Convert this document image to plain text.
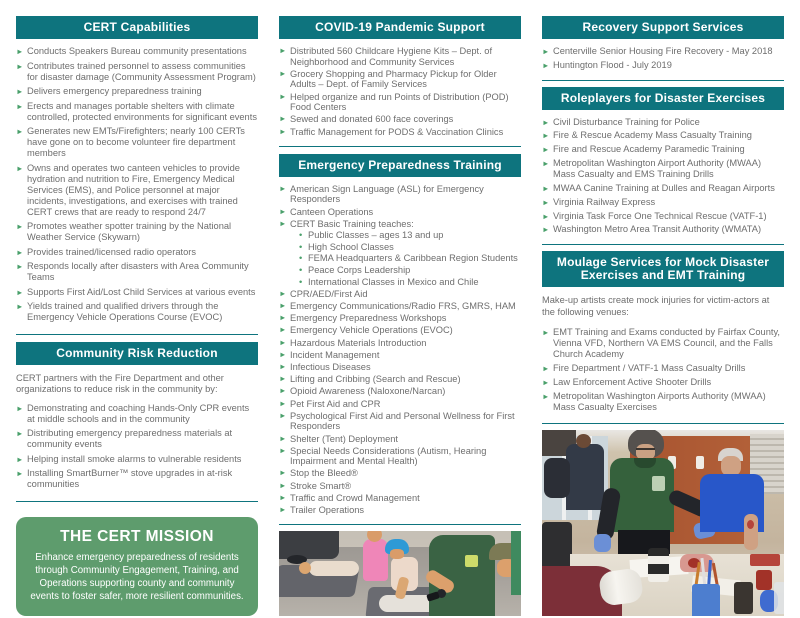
CERT Capabilities
► Conducts Speakers Bureau community presentations
► Contributes trained personnel to assess communities for disaster damage (Community Assessment Program)
► Delivers emergency preparedness training
► Erects and manages portable shelters with climate controlled, protected environments for significant events
► Generates new EMTs/Firefighters; nearly 100 CERTs have gone on to become volunteer fire department members
► Owns and operates two canteen vehicles to provide hydration and nutrition to Fire, Emergency Medical Services (EMS), and Police personnel at major incidents, investigations, and exercises with trained CERT crews that are ready to respond 24/7
► Promotes weather spotter training by the National Weather Service (Skywarn)
► Provides trained/licensed radio operators
► Responds locally after disasters with Area Community Teams
► Supports First Aid/Lost Child Services at various events
► Yields trained and qualified drivers through the Emergency Vehicle Operations Course (EVOC)
Community Risk Reduction
CERT partners with the Fire Department and other organizations to reduce risk in the community by:
► Demonstrating and coaching Hands-Only CPR events at middle schools and in the community
► Distributing emergency preparedness materials at community events
► Helping install smoke alarms to vulnerable residents
► Installing SmartBurner™ stove upgrades in at-risk communities
THE CERT MISSION
Enhance emergency preparedness of residents through Community Engagement, Training, and Operations supporting county and community events to foster safer, more resilient communities.
COVID-19 Pandemic Support
► Distributed 560 Childcare Hygiene Kits – Dept. of Neighborhood and Community Services
► Grocery Shopping and Pharmacy Pickup for Older Adults – Dept. of Family Services
► Helped organize and run Points of Distribution (POD) Food Centers
► Sewed and donated 600 face coverings
► Traffic Management for PODS & Vaccination Clinics
Emergency Preparedness Training
► American Sign Language (ASL) for Emergency Responders
► Canteen Operations
► CERT Basic Training teaches:
• Public Classes – ages 13 and up
• High School Classes
• FEMA Headquarters & Caribbean Region Students
• Peace Corps Leadership
• International Classes in Mexico and Chile
► CPR/AED/First Aid
► Emergency Communications/Radio FRS, GMRS, HAM
► Emergency Preparedness Workshops
► Emergency Vehicle Operations (EVOC)
► Hazardous Materials Introduction
► Incident Management
► Infectious Diseases
► Lifting and Cribbing (Search and Rescue)
► Opioid Awareness (Naloxone/Narcan)
► Pet First Aid and CPR
► Psychological First Aid and Personal Wellness for First Responders
► Shelter (Tent) Deployment
► Special Needs Considerations (Autism, Hearing Impairment and Mental Health)
► Stop the Bleed®
► Stroke Smart®
► Traffic and Crowd Management
► Trailer Operations
Recovery Support Services
► Centerville Senior Housing Fire Recovery - May 2018
► Huntington Flood - July 2019
Roleplayers for Disaster Exercises
► Civil Disturbance Training for Police
► Fire & Rescue Academy Mass Casualty Training
► Fire and Rescue Academy Paramedic Training
► Metropolitan Washington Airport Authority (MWAA) Mass Casualty and EMS Training Drills
► MWAA Canine Training at Dulles and Reagan Airports
► Virginia Railway Express
► Virginia Task Force One Technical Rescue (VATF-1)
► Washington Metro Area Transit Authority (WMATA)
Moulage Services for Mock Disaster Exercises and EMT Training
Make-up artists create mock injuries for victim-actors at the following venues:
► EMT Training and Exams conducted by Fairfax County, Vienna VFD, Northern VA EMS Council, and the Falls Church Academy
► Fire Department / VATF-1 Mass Casualty Drills
► Law Enforcement Active Shooter Drills
► Metropolitan Washington Airports Authority (MWAA) Mass Casualty Exercises
